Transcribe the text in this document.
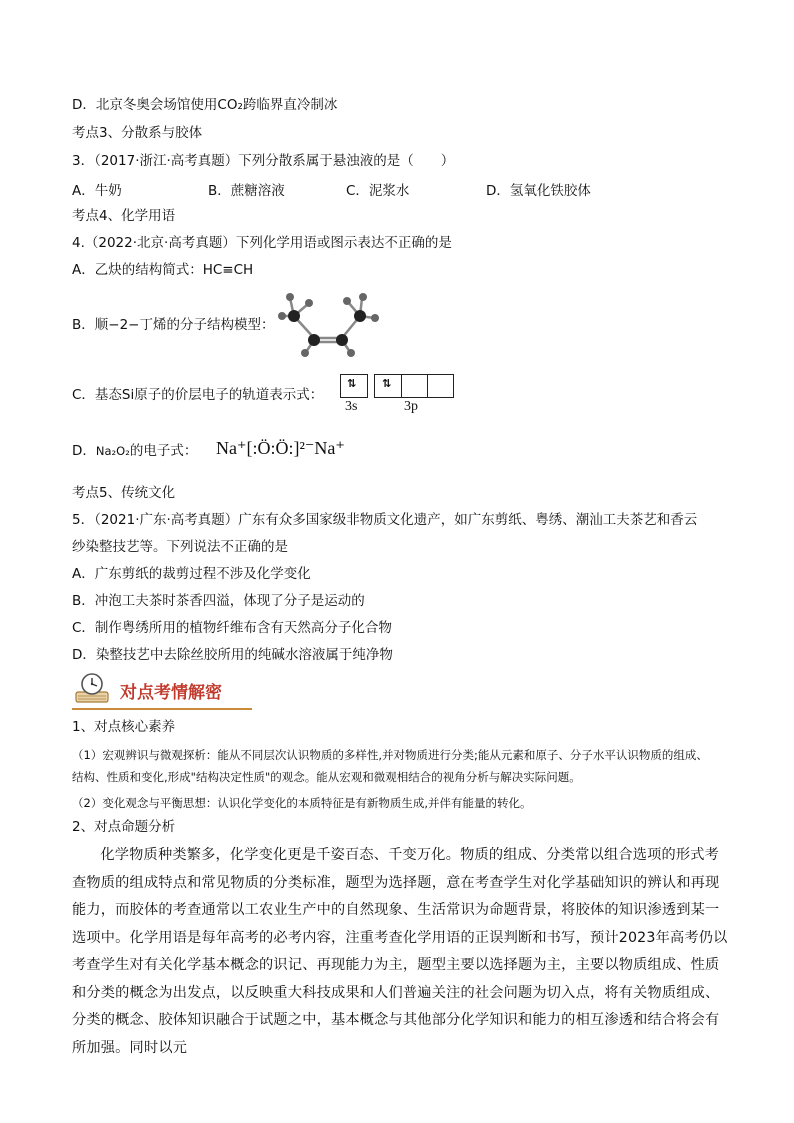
D．北京冬奥会场馆使用CO₂跨临界直冷制冰
考点3、分散系与胶体
3．（2017·浙江·高考真题）下列分散系属于悬浊液的是（　　）
A．牛奶	B．蔗糖溶液	C．泥浆水	D．氢氧化铁胶体
考点4、化学用语
4.（2022·北京·高考真题）下列化学用语或图示表达不正确的是
A．乙炔的结构简式：HC≡CH
B．顺−2−丁烯的分子结构模型：
C．基态Si原子的价层电子的轨道表示式：
⇅ ⇅
3s	3p
D．Na₂O₂的电子式： Na⁺[:Ö:Ö:]²⁻Na⁺
考点5、传统文化
5．（2021·广东·高考真题）广东有众多国家级非物质文化遗产，如广东剪纸、粤绣、潮汕工夫茶艺和香云
纱染整技艺等。下列说法不正确的是
A．广东剪纸的裁剪过程不涉及化学变化
B．冲泡工夫茶时茶香四溢，体现了分子是运动的
C．制作粤绣所用的植物纤维布含有天然高分子化合物
D．染整技艺中去除丝胶所用的纯碱水溶液属于纯净物
对点考情解密
1、对点核心素养
（1）宏观辨识与微观探析：能从不同层次认识物质的多样性,并对物质进行分类;能从元素和原子、分子水平认识物质的组成、
结构、性质和变化,形成"结构决定性质"的观念。能从宏观和微观相结合的视角分析与解决实际问题。
（2）变化观念与平衡思想：认识化学变化的本质特征是有新物质生成,并伴有能量的转化。
2、对点命题分析
化学物质种类繁多，化学变化更是千姿百态、千变万化。物质的组成、分类常以组合选项的形式考查物质的组成特点和常见物质的分类标准，题型为选择题，意在考查学生对化学基础知识的辨认和再现能力，而胶体的考查通常以工农业生产中的自然现象、生活常识为命题背景，将胶体的知识渗透到某一选项中。化学用语是每年高考的必考内容，注重考查化学用语的正误判断和书写，预计2023年高考仍以考查学生对有关化学基本概念的识记、再现能力为主，题型主要以选择题为主，主要以物质组成、性质和分类的概念为出发点，以反映重大科技成果和人们普遍关注的社会问题为切入点，将有关物质组成、分类的概念、胶体知识融合于试题之中，基本概念与其他部分化学知识和能力的相互渗透和结合将会有所加强。同时以元
